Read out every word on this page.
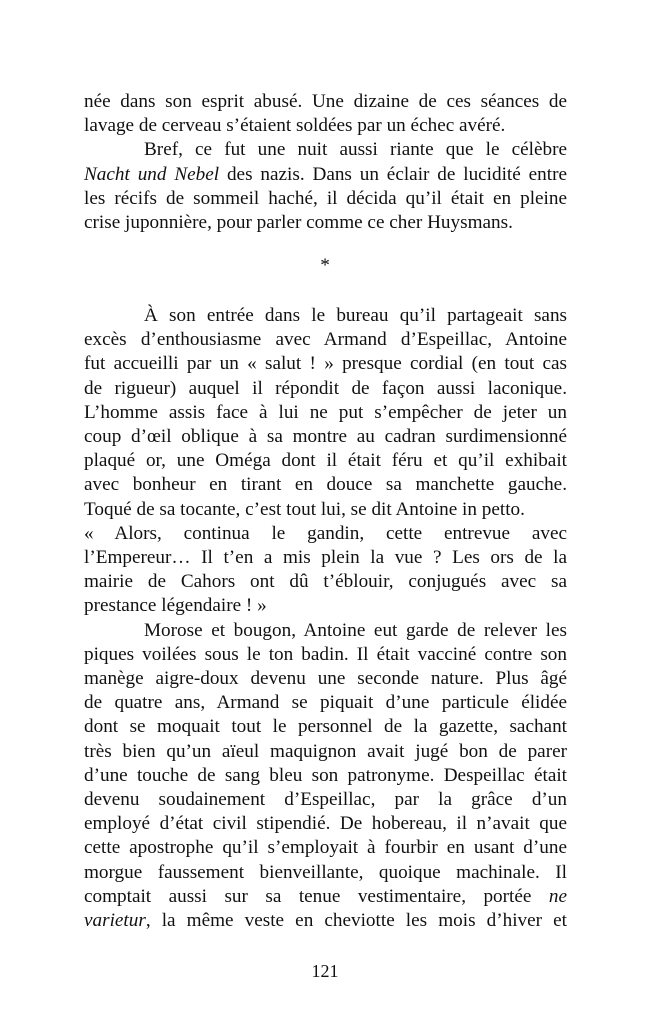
née dans son esprit abusé. Une dizaine de ces séances de

lavage de cerveau s’étaient soldées par un échec avéré.

Bref, ce fut une nuit aussi riante que le célèbre

Nacht und Nebel des nazis. Dans un éclair de lucidité entre

les récifs de sommeil haché, il décida qu’il était en pleine

crise juponnière, pour parler comme ce cher Huysmans.

*

À son entrée dans le bureau qu’il partageait sans

excès d’enthousiasme avec Armand d’Espeillac, Antoine

fut accueilli par un « salut ! » presque cordial (en tout cas

de rigueur) auquel il répondit de façon aussi laconique.

L’homme assis face à lui ne put s’empêcher de jeter un

coup d’œil oblique à sa montre au cadran surdimensionné

plaqué or, une Oméga dont il était féru et qu’il exhibait

avec bonheur en tirant en douce sa manchette gauche.

Toqué de sa tocante, c’est tout lui, se dit Antoine in petto.

« Alors, continua le gandin, cette entrevue avec

l’Empereur… Il t’en a mis plein la vue ? Les ors de la

mairie de Cahors ont dû t’éblouir, conjugués avec sa

prestance légendaire ! »

Morose et bougon, Antoine eut garde de relever les

piques voilées sous le ton badin. Il était vacciné contre son

manège aigre-doux devenu une seconde nature. Plus âgé

de quatre ans, Armand se piquait d’une particule élidée

dont se moquait tout le personnel de la gazette, sachant

très bien qu’un aïeul maquignon avait jugé bon de parer

d’une touche de sang bleu son patronyme. Despeillac était

devenu soudainement d’Espeillac, par la grâce d’un

employé d’état civil stipendié. De hobereau, il n’avait que

cette apostrophe qu’il s’employait à fourbir en usant d’une

morgue faussement bienveillante, quoique machinale. Il

comptait aussi sur sa tenue vestimentaire, portée ne

varietur, la même veste en cheviotte les mois d’hiver et

121
